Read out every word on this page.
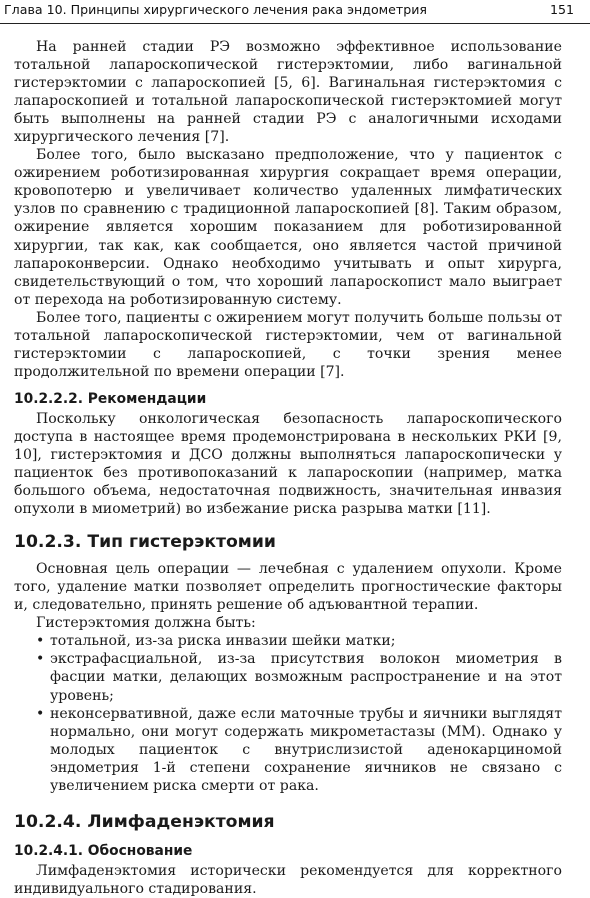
Глава 10. Принципы хирургического лечения рака эндометрия	151

На ранней стадии РЭ возможно эффективное использование тотальной лапароскопической гистерэктомии, либо вагинальной гистерэктомии с лапароскопией [5, 6]. Вагинальная гистерэктомия с лапароскопией и тотальной лапароскопической гистерэктомией могут быть выполнены на ранней стадии РЭ с аналогичными исходами хирургического лечения [7].

Более того, было высказано предположение, что у пациенток с ожирением роботизированная хирургия сокращает время операции, кровопотерю и увеличивает количество удаленных лимфатических узлов по сравнению с традиционной лапароскопией [8]. Таким образом, ожирение является хорошим показанием для роботизированной хирургии, так как, как сообщается, оно является частой причиной лапароконверсии. Однако необходимо учитывать и опыт хирурга, свидетельствующий о том, что хороший лапароскопист мало выиграет от перехода на роботизированную систему.

Более того, пациенты с ожирением могут получить больше пользы от тотальной лапароскопической гистерэктомии, чем от вагинальной гистерэктомии с лапароскопией, с точки зрения менее продолжительной по времени операции [7].

10.2.2.2. Рекомендации

Поскольку онкологическая безопасность лапароскопического доступа в настоящее время продемонстрирована в нескольких РКИ [9, 10], гистерэктомия и ДСО должны выполняться лапароскопически у пациенток без противопоказаний к лапароскопии (например, матка большого объема, недостаточная подвижность, значительная инвазия опухоли в миометрий) во избежание риска разрыва матки [11].

10.2.3. Тип гистерэктомии

Основная цель операции — лечебная с удалением опухоли. Кроме того, удаление матки позволяет определить прогностические факторы и, следовательно, принять решение об адъювантной терапии.

Гистерэктомия должна быть:

• тотальной, из-за риска инвазии шейки матки;
• экстрафасциальной, из-за присутствия волокон миометрия в фасции матки, делающих возможным распространение и на этот уровень;
• неконсервативной, даже если маточные трубы и яичники выглядят нормально, они могут содержать микрометастазы (ММ). Однако у молодых пациенток с внутрислизистой аденокарциномой эндометрия 1-й степени сохранение яичников не связано с увеличением риска смерти от рака.
10.2.4. Лимфаденэктомия
10.2.4.1. Обоснование

Лимфаденэктомия исторически рекомендуется для корректного индивидуального стадирования.
